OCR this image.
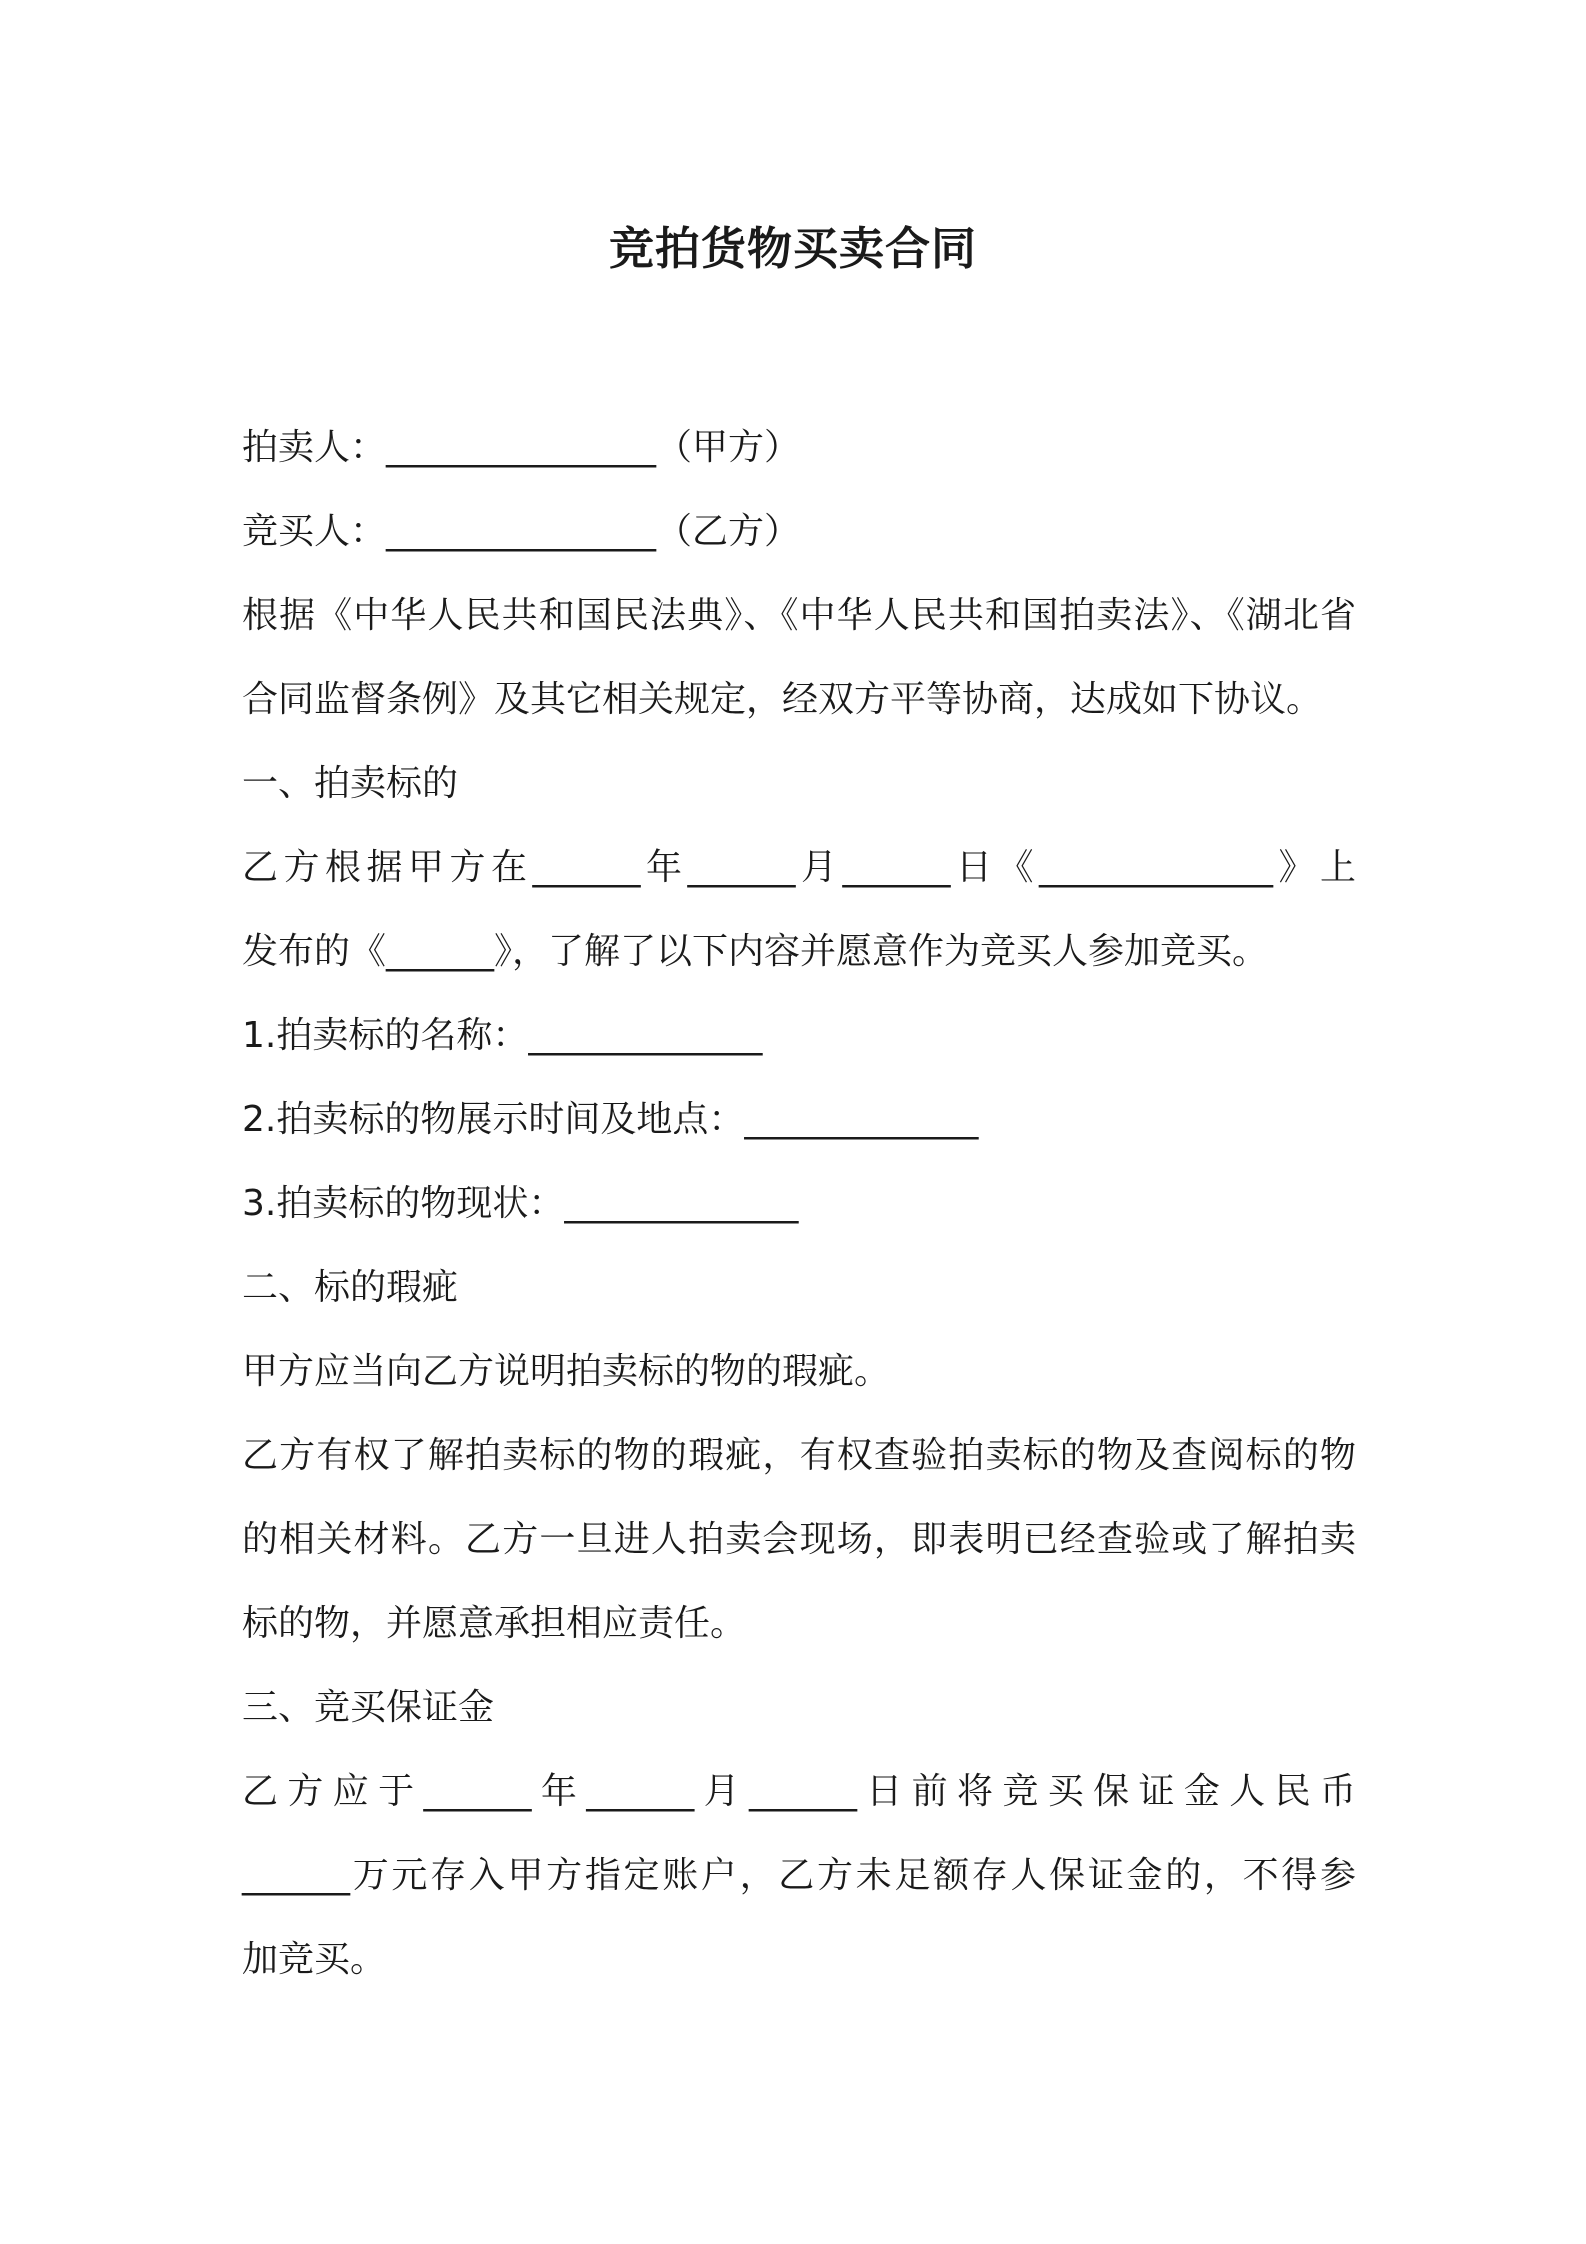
竞拍货物买卖合同
拍卖人：_______________（甲方）
竞买人：_______________（乙方）
根据《中华人民共和国民法典》、《中华人民共和国拍卖法》、《湖北省
合同监督条例》及其它相关规定，经双方平等协商，达成如下协议。
一、拍卖标的
乙方根据甲方在______年______月______日《_____________》上
发布的《______》，了解了以下内容并愿意作为竞买人参加竞买。
1.拍卖标的名称：_____________
2.拍卖标的物展示时间及地点：_____________
3.拍卖标的物现状：_____________
二、标的瑕疵
甲方应当向乙方说明拍卖标的物的瑕疵。
乙方有权了解拍卖标的物的瑕疵，有权查验拍卖标的物及查阅标的物
的相关材料。乙方一旦进人拍卖会现场，即表明已经查验或了解拍卖
标的物，并愿意承担相应责任。
三、竞买保证金
乙方应于______年______月______日前将竞买保证金人民币
______万元存入甲方指定账户，乙方未足额存人保证金的，不得参
加竞买。
